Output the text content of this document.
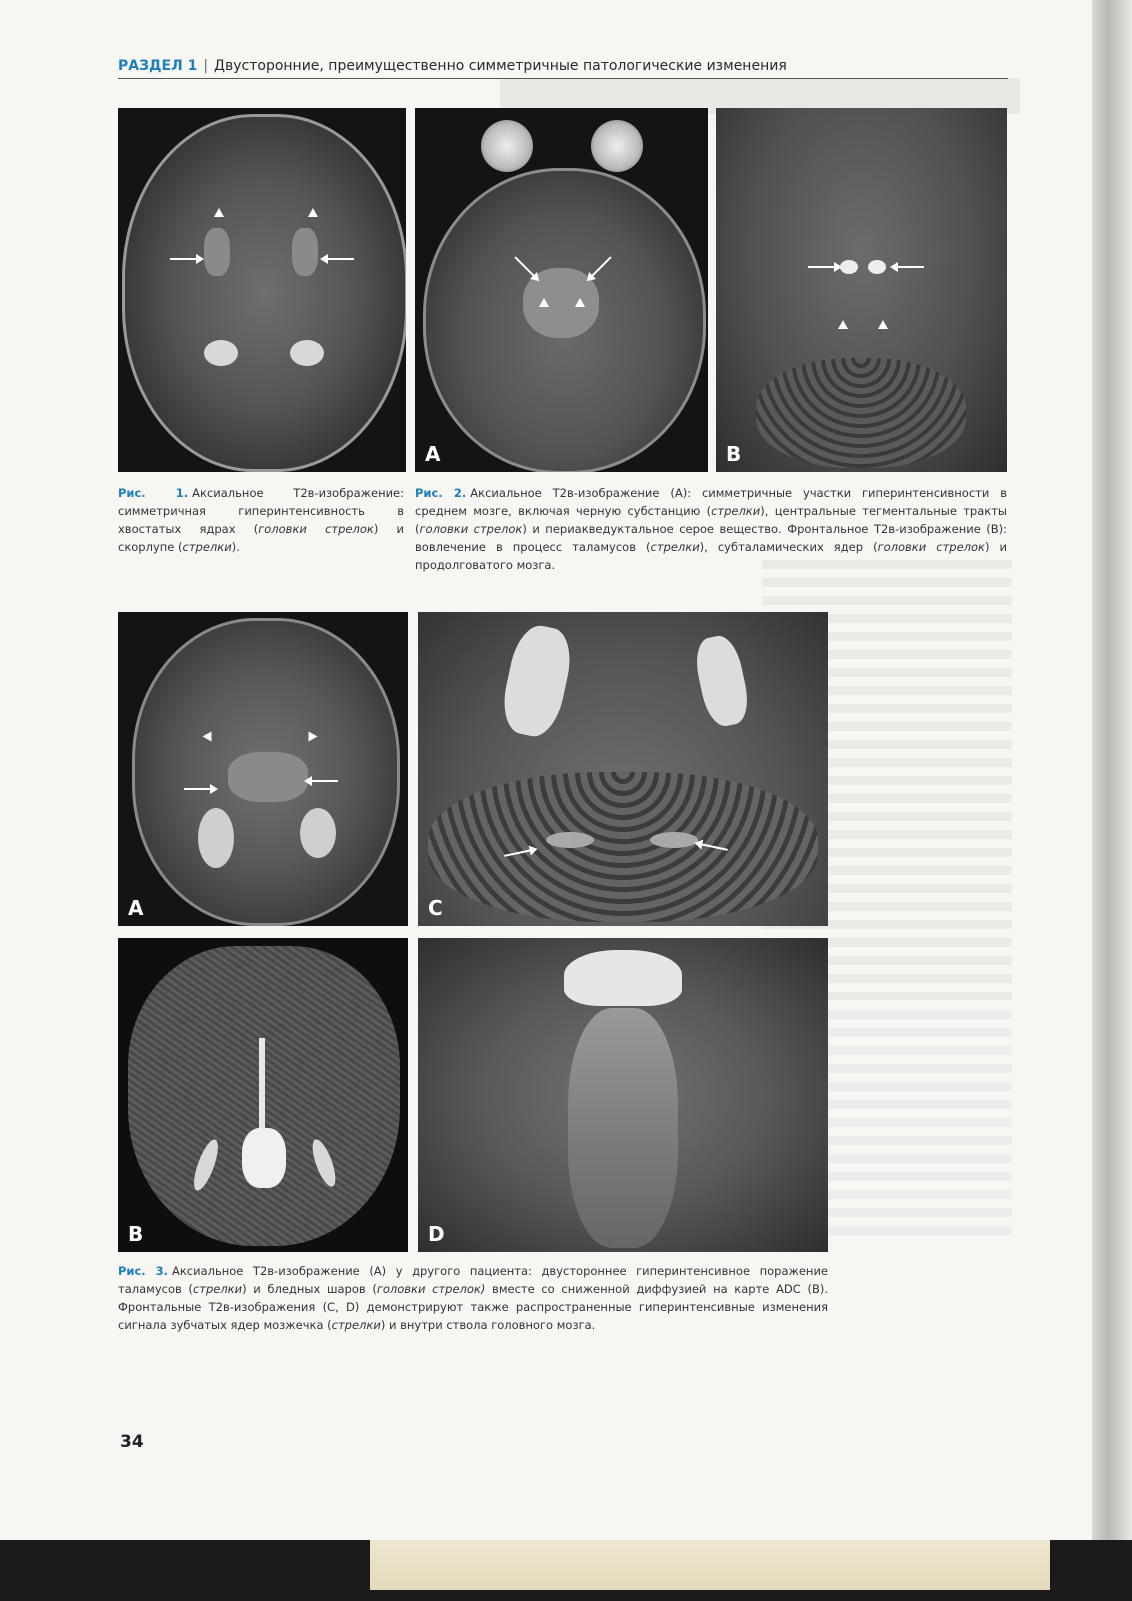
РАЗДЕЛ 1 | Двусторонние, преимущественно симметричные патологические изменения
A	B
Рис. 1. Аксиальное T2в-изображение: симметричная гиперинтенсивность в хвостатых ядрах (головки стрелок) и скорлупе (стрелки).
Рис. 2. Аксиальное T2в-изображение (A): симметричные участки гиперинтенсивности в среднем мозге, включая черную субстанцию (стрелки), центральные тегментальные тракты (головки стрелок) и периакведуктальное серое вещество. Фронтальное T2в-изображение (B): вовлечение в процесс таламусов (стрелки), субталамических ядер (головки стрелок) и продолговатого мозга.
A	C
B	D
Рис. 3. Аксиальное T2в-изображение (A) у другого пациента: двустороннее гиперинтенсивное поражение таламусов (стрелки) и бледных шаров (головки стрелок) вместе со сниженной диффузией на карте ADC (B). Фронтальные T2в-изображения (C, D) демонстрируют также распространенные гиперинтенсивные изменения сигнала зубчатых ядер мозжечка (стрелки) и внутри ствола головного мозга.
34
